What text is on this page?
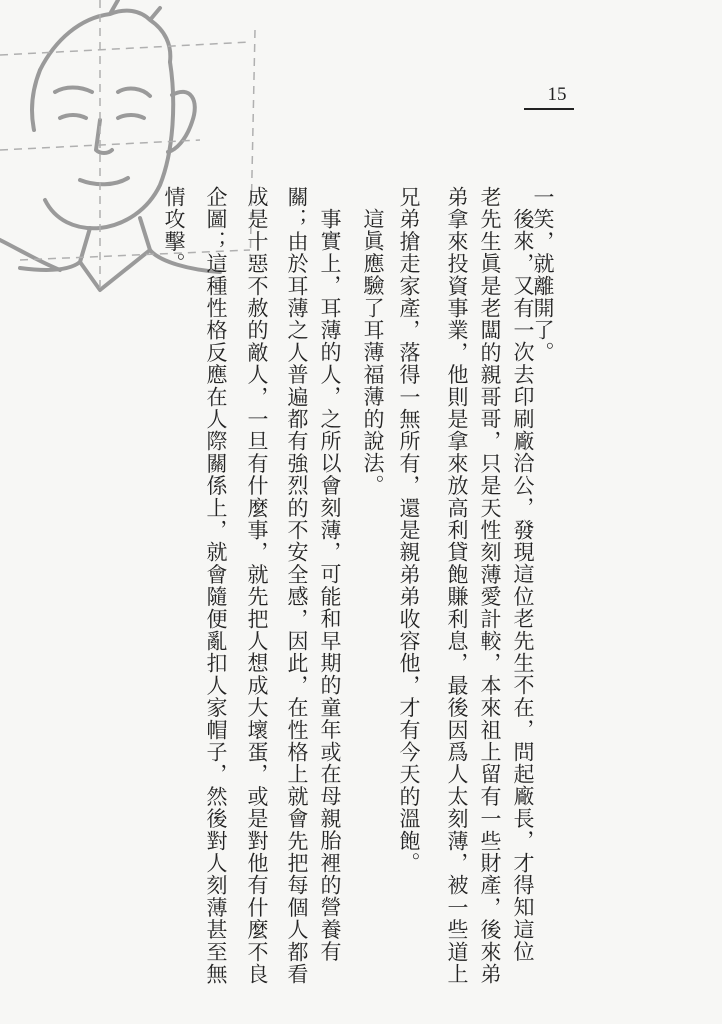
15
一笑，就離開了。
後來，又有一次去印刷廠洽公，發現這位老先生不在，問起廠長，才得知這位
老先生眞是老闆的親哥哥，只是天性刻薄愛計較，本來祖上留有一些財產，後來弟
弟拿來投資事業，他則是拿來放高利貸飽賺利息，最後因爲人太刻薄，被一些道上
兄弟搶走家產，落得一無所有，還是親弟弟收容他，才有今天的溫飽。
這眞應驗了耳薄福薄的說法。
事實上，耳薄的人，之所以會刻薄，可能和早期的童年或在母親胎裡的營養有
關；由於耳薄之人普遍都有強烈的不安全感，因此，在性格上就會先把每個人都看
成是十惡不赦的敵人，一旦有什麼事，就先把人想成大壞蛋，或是對他有什麼不良
企圖；這種性格反應在人際關係上，就會隨便亂扣人家帽子，然後對人刻薄甚至無
情攻擊。
